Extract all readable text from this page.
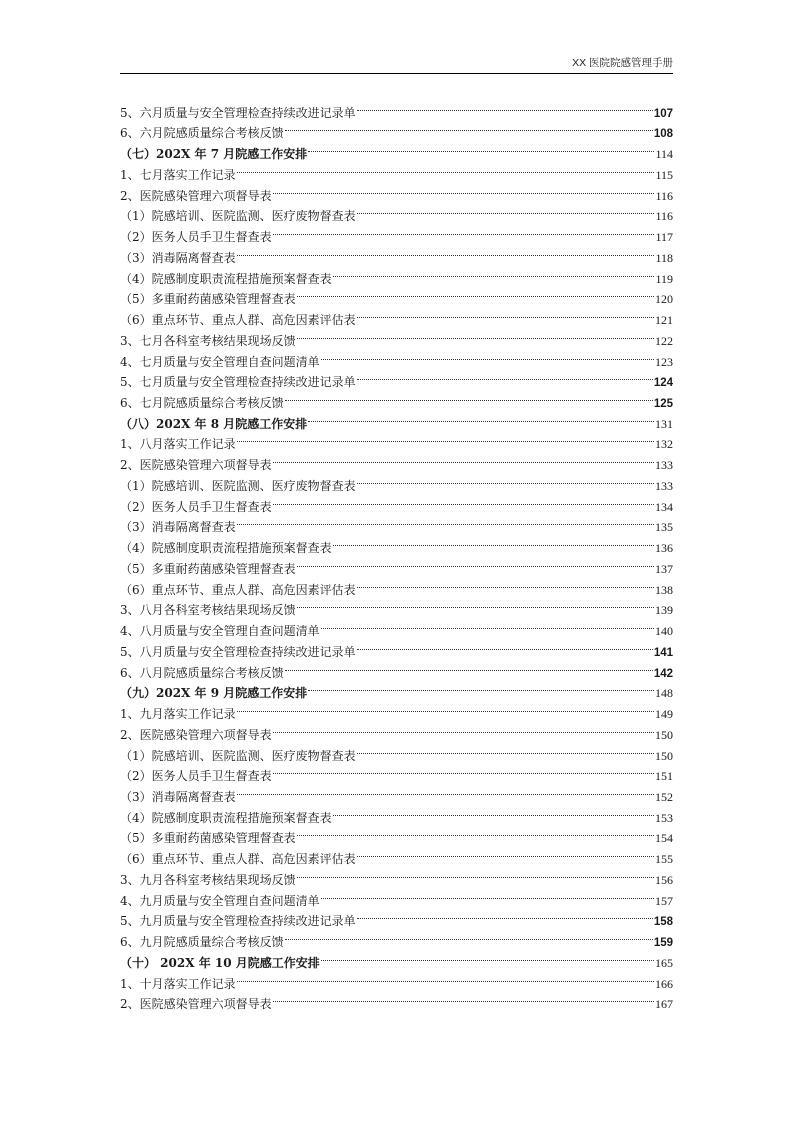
XX 医院院感管理手册
5、六月质量与安全管理检查持续改进记录单	107
6、六月院感质量综合考核反馈	108
（七）202X 年 7 月院感工作安排	114
1、七月落实工作记录	115
2、医院感染管理六项督导表	116
（1）院感培训、医院监测、医疗废物督查表	116
（2）医务人员手卫生督查表	117
（3）消毒隔离督查表	118
（4）院感制度职责流程措施预案督查表	119
（5）多重耐药菌感染管理督查表	120
（6）重点环节、重点人群、高危因素评估表	121
3、七月各科室考核结果现场反馈	122
4、七月质量与安全管理自查问题清单	123
5、七月质量与安全管理检查持续改进记录单	124
6、七月院感质量综合考核反馈	125
（八）202X 年 8 月院感工作安排	131
1、八月落实工作记录	132
2、医院感染管理六项督导表	133
（1）院感培训、医院监测、医疗废物督查表	133
（2）医务人员手卫生督查表	134
（3）消毒隔离督查表	135
（4）院感制度职责流程措施预案督查表	136
（5）多重耐药菌感染管理督查表	137
（6）重点环节、重点人群、高危因素评估表	138
3、八月各科室考核结果现场反馈	139
4、八月质量与安全管理自查问题清单	140
5、八月质量与安全管理检查持续改进记录单	141
6、八月院感质量综合考核反馈	142
（九）202X 年 9 月院感工作安排	148
1、九月落实工作记录	149
2、医院感染管理六项督导表	150
（1）院感培训、医院监测、医疗废物督查表	150
（2）医务人员手卫生督查表	151
（3）消毒隔离督查表	152
（4）院感制度职责流程措施预案督查表	153
（5）多重耐药菌感染管理督查表	154
（6）重点环节、重点人群、高危因素评估表	155
3、九月各科室考核结果现场反馈	156
4、九月质量与安全管理自查问题清单	157
5、九月质量与安全管理检查持续改进记录单	158
6、九月院感质量综合考核反馈	159
（十） 202X 年 10 月院感工作安排	165
1、十月落实工作记录	166
2、医院感染管理六项督导表	167
